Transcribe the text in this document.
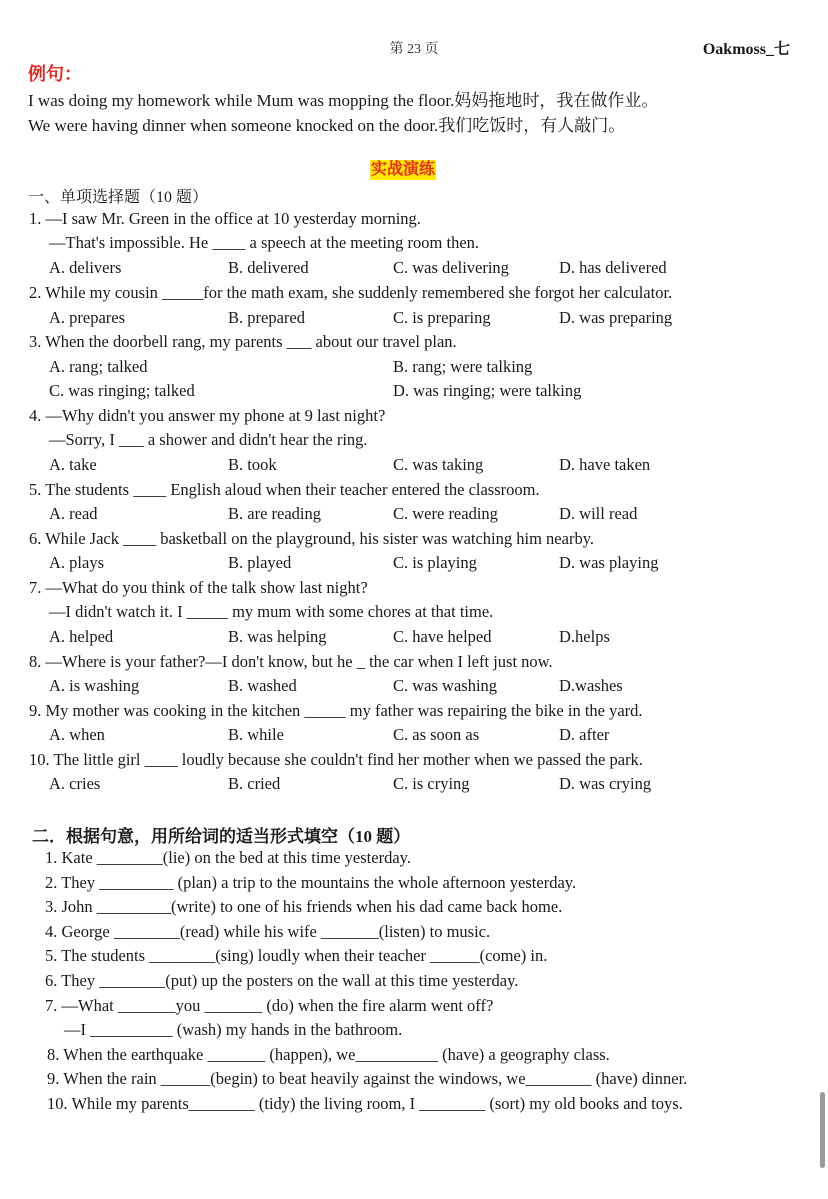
第 23 页	Oakmoss_七
例句：
I was doing my homework while Mum was mopping the floor.妈妈拖地时，我在做作业。
We were having dinner when someone knocked on the door.我们吃饭时，有人敲门。
实战演练
一、单项选择题（10 题）
1. —I saw Mr. Green in the office at 10 yesterday morning.
—That's impossible. He ____ a speech at the meeting room then.
A. delivers	B. delivered	C. was delivering	D. has delivered
2. While my cousin _____for the math exam, she suddenly remembered she forgot her calculator.
A. prepares	B. prepared	C. is preparing	D. was preparing
3. When the doorbell rang, my parents ___ about our travel plan.
A. rang; talked	B. rang; were talking
C. was ringing; talked	D. was ringing; were talking
4. —Why didn't you answer my phone at 9 last night?
—Sorry, I ___ a shower and didn't hear the ring.
A. take	B. took	C. was taking	D. have taken
5. The students ____ English aloud when their teacher entered the classroom.
A. read	B. are reading	C. were reading	D. will read
6. While Jack ____ basketball on the playground, his sister was watching him nearby.
A. plays	B. played	C. is playing	D. was playing
7. —What do you think of the talk show last night?
—I didn't watch it. I _____ my mum with some chores at that time.
A. helped	B. was helping	C. have helped	D.helps
8. —Where is your father?—I don't know, but he _ the car when I left just now.
A. is washing	B. washed	C. was washing	D.washes
9. My mother was cooking in the kitchen _____ my father was repairing the bike in the yard.
A. when	B. while	C. as soon as	D. after
10. The little girl ____ loudly because she couldn't find her mother when we passed the park.
A. cries	B. cried	C. is crying	D. was crying
二．根据句意，用所给词的适当形式填空（10 题）
1. Kate ________(lie) on the bed at this time yesterday.
2. They _________ (plan) a trip to the mountains the whole afternoon yesterday.
3. John _________(write) to one of his friends when his dad came back home.
4. George ________(read) while his wife _______(listen) to music.
5. The students ________(sing) loudly when their teacher ______(come) in.
6. They ________(put) up the posters on the wall at this time yesterday.
7. —What _______you _______ (do) when the fire alarm went off?
—I __________ (wash) my hands in the bathroom.
8. When the earthquake _______ (happen), we__________ (have) a geography class.
9. When the rain ______(begin) to beat heavily against the windows, we________ (have) dinner.
10. While my parents________ (tidy) the living room, I ________ (sort) my old books and toys.
